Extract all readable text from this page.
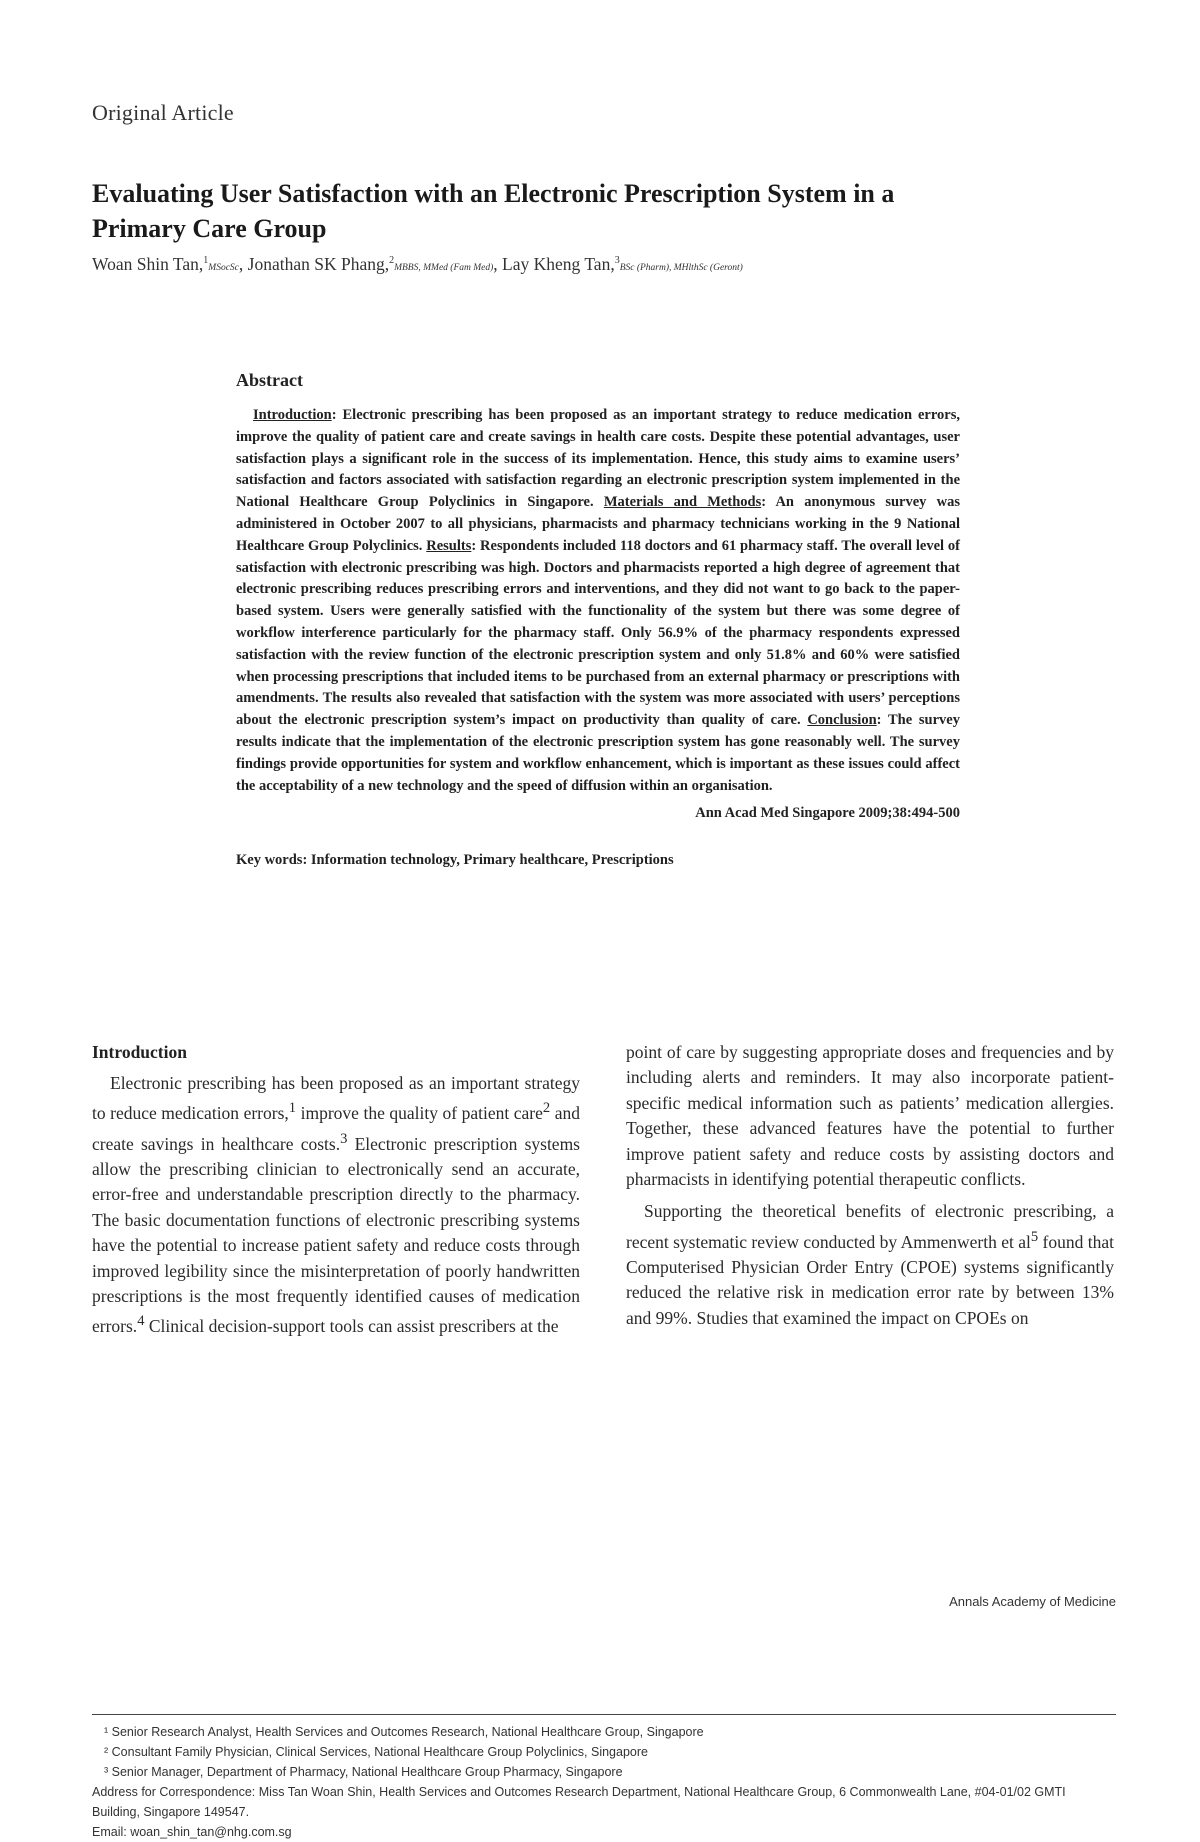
Original Article
Evaluating User Satisfaction with an Electronic Prescription System in a Primary Care Group
Woan Shin Tan,$^1$MSocSc, Jonathan SK Phang,$^2$MBBS, MMed (Fam Med), Lay Kheng Tan,$^3$BSc (Pharm), MHlthSc (Geront)
Abstract
Introduction: Electronic prescribing has been proposed as an important strategy to reduce medication errors, improve the quality of patient care and create savings in health care costs. Despite these potential advantages, user satisfaction plays a significant role in the success of its implementation. Hence, this study aims to examine users’ satisfaction and factors associated with satisfaction regarding an electronic prescription system implemented in the National Healthcare Group Polyclinics in Singapore. Materials and Methods: An anonymous survey was administered in October 2007 to all physicians, pharmacists and pharmacy technicians working in the 9 National Healthcare Group Polyclinics. Results: Respondents included 118 doctors and 61 pharmacy staff. The overall level of satisfaction with electronic prescribing was high. Doctors and pharmacists reported a high degree of agreement that electronic prescribing reduces prescribing errors and interventions, and they did not want to go back to the paper-based system. Users were generally satisfied with the functionality of the system but there was some degree of workflow interference particularly for the pharmacy staff. Only 56.9% of the pharmacy respondents expressed satisfaction with the review function of the electronic prescription system and only 51.8% and 60% were satisfied when processing prescriptions that included items to be purchased from an external pharmacy or prescriptions with amendments. The results also revealed that satisfaction with the system was more associated with users’ perceptions about the electronic prescription system’s impact on productivity than quality of care. Conclusion: The survey results indicate that the implementation of the electronic prescription system has gone reasonably well. The survey findings provide opportunities for system and workflow enhancement, which is important as these issues could affect the acceptability of a new technology and the speed of diffusion within an organisation.
Ann Acad Med Singapore 2009;38:494-500
Key words: Information technology, Primary healthcare, Prescriptions
Introduction

Electronic prescribing has been proposed as an important strategy to reduce medication errors,$^1$ improve the quality of patient care$^2$ and create savings in healthcare costs.$^3$ Electronic prescription systems allow the prescribing clinician to electronically send an accurate, error-free and understandable prescription directly to the pharmacy. The basic documentation functions of electronic prescribing systems have the potential to increase patient safety and reduce costs through improved legibility since the misinterpretation of poorly handwritten prescriptions is the most frequently identified causes of medication errors.$^4$ Clinical decision-support tools can assist prescribers at the

point of care by suggesting appropriate doses and frequencies and by including alerts and reminders. It may also incorporate patient-specific medical information such as patients’ medication allergies. Together, these advanced features have the potential to further improve patient safety and reduce costs by assisting doctors and pharmacists in identifying potential therapeutic conflicts.

Supporting the theoretical benefits of electronic prescribing, a recent systematic review conducted by Ammenwerth et $al^5$ found that Computerised Physician Order Entry (CPOE) systems significantly reduced the relative risk in medication error rate by between 13% and 99%. Studies that examined the impact on CPOEs on

¹ Senior Research Analyst, Health Services and Outcomes Research, National Healthcare Group, Singapore
² Consultant Family Physician, Clinical Services, National Healthcare Group Polyclinics, Singapore
³ Senior Manager, Department of Pharmacy, National Healthcare Group Pharmacy, Singapore
Address for Correspondence: Miss Tan Woan Shin, Health Services and Outcomes Research Department, National Healthcare Group, 6 Commonwealth Lane, #04-01/02 GMTI Building, Singapore 149547.
Email: woan_shin_tan@nhg.com.sg
Annals Academy of Medicine
